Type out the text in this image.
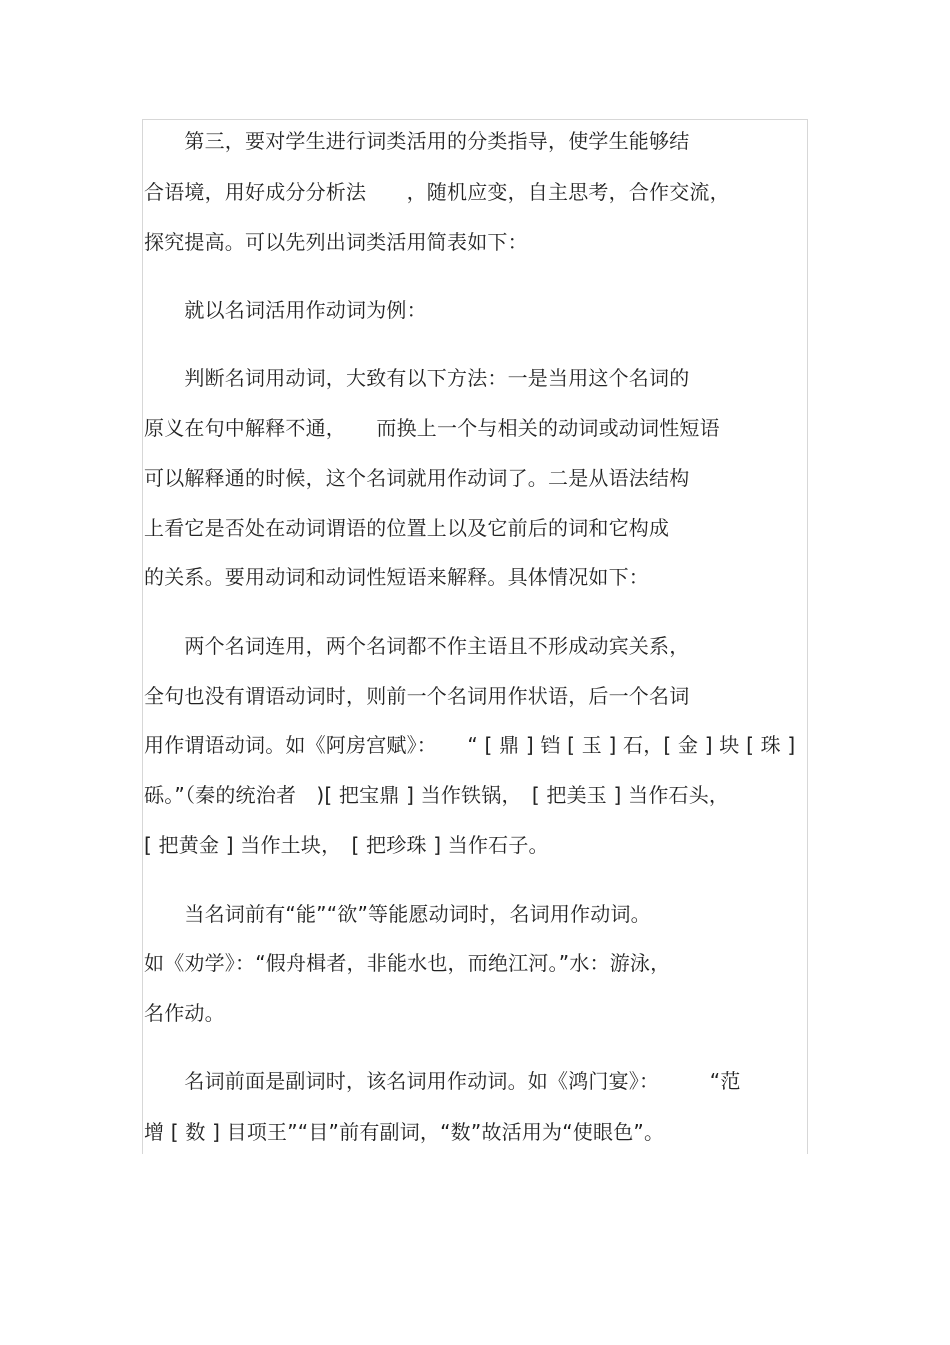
　　第三，要对学生进行词类活用的分类指导，使学生能够结
合语境，用好成分分析法　　，随机应变，自主思考，合作交流，
探究提高。可以先列出词类活用简表如下：
　　就以名词活用作动词为例：
　　判断名词用动词，大致有以下方法：一是当用这个名词的
原义在句中解释不通，　　而换上一个与相关的动词或动词性短语
可以解释通的时候，这个名词就用作动词了。二是从语法结构
上看它是否处在动词谓语的位置上以及它前后的词和它构成
的关系。要用动词和动词性短语来解释。具体情况如下：
　　两个名词连用，两个名词都不作主语且不形成动宾关系，
全句也没有谓语动词时，则前一个名词用作状语，后一个名词
用作谓语动词。如《阿房宫赋》：　　“ [ 鼎 ] 铛 [ 玉 ] 石，[ 金 ] 块 [ 珠 ]
砾。”（秦的统治者　)[ 把宝鼎 ] 当作铁锅，　[ 把美玉 ] 当作石头，
[ 把黄金 ] 当作土块，　[ 把珍珠 ] 当作石子。
　　当名词前有“能”“欲”等能愿动词时，名词用作动词。
如《劝学》：“假舟楫者，非能水也，而绝江河。”水：游泳，
名作动。
　　名词前面是副词时，该名词用作动词。如《鸿门宴》：　　　“范
增 [ 数 ] 目项王”“目”前有副词，“数”故活用为“使眼色”。
